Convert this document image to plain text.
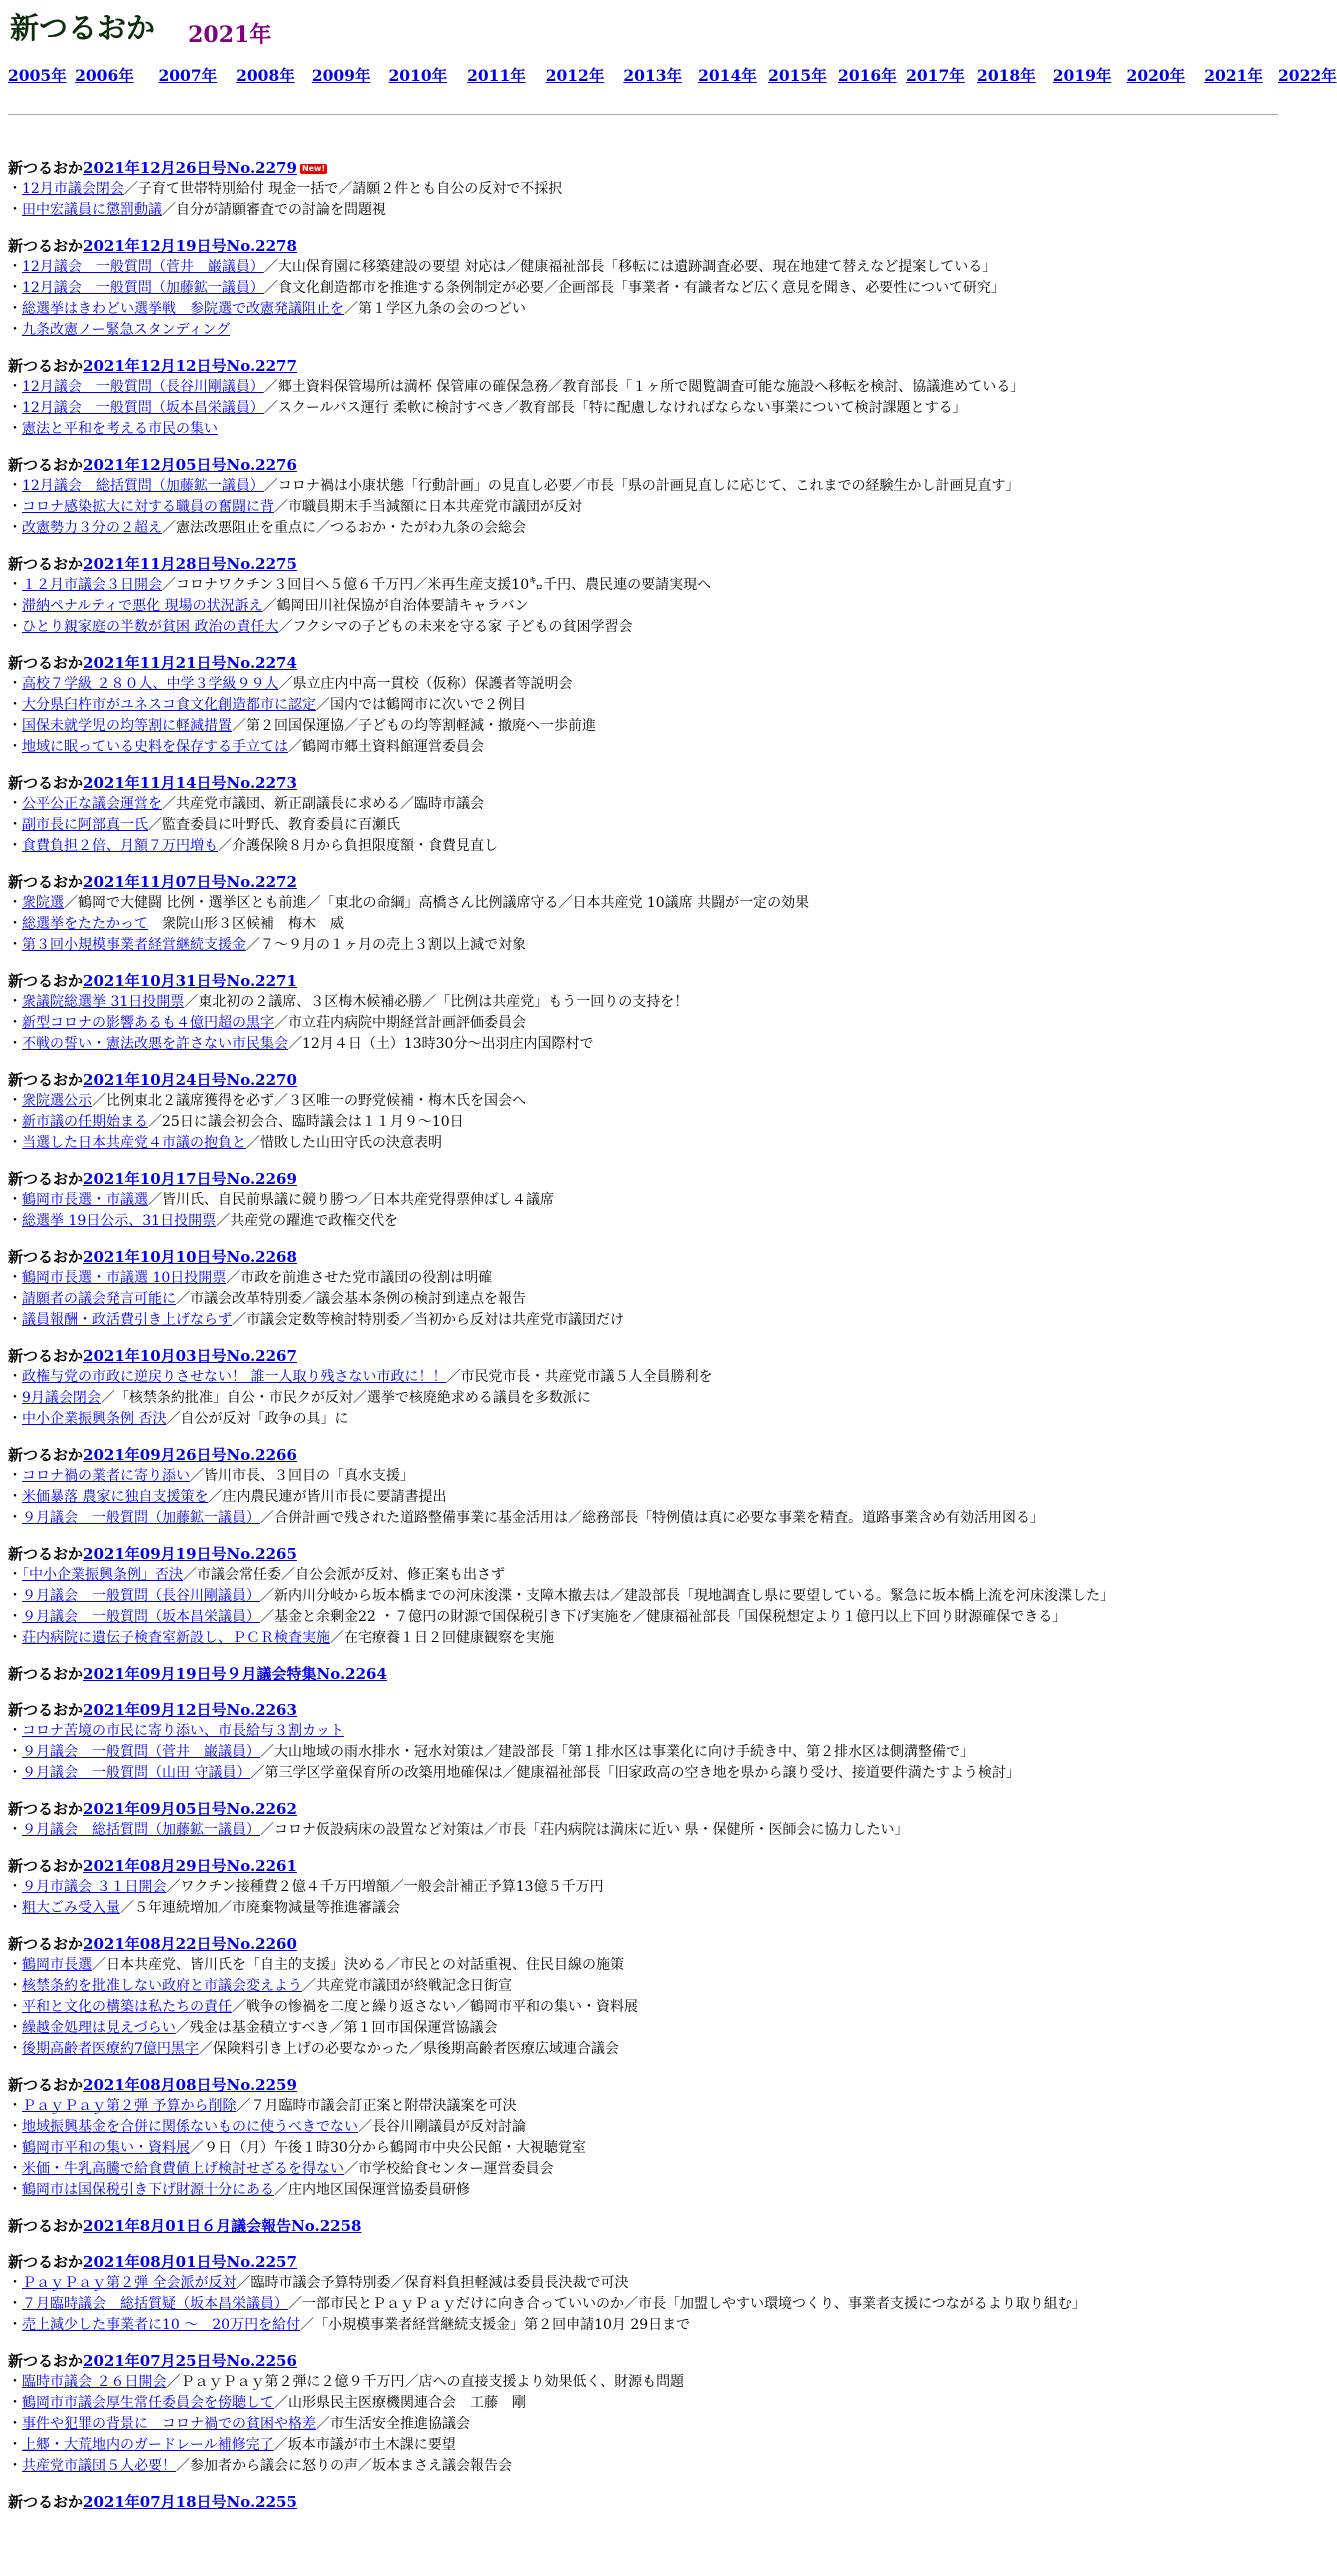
新つるおか 2021年
2005年 2006年 2007年 2008年 2009年 2010年 2011年 2012年 2013年 2014年 2015年 2016年 2017年 2018年 2019年 2020年 2021年 2022年
新つるおか2021年12月26日号No.2279 New!
・12月市議会閉会／子育て世帯特別給付 現金一括で／請願２件とも自公の反対で不採択
・田中宏議員に懲罰動議／自分が請願審査での討論を問題視
新つるおか2021年12月19日号No.2278
・12月議会　一般質問（菅井　巌議員）／大山保育園に移築建設の要望 対応は／健康福祉部長「移転には遺跡調査必要、現在地建て替えなど提案している」
・12月議会　一般質問（加藤鉱一議員）／食文化創造都市を推進する条例制定が必要／企画部長「事業者・有識者など広く意見を聞き、必要性について研究」
・総選挙はきわどい選挙戦　参院選で改憲発議阻止を／第１学区九条の会のつどい
・九条改憲ノー緊急スタンディング
新つるおか2021年12月12日号No.2277
・12月議会　一般質問（長谷川剛議員）／郷土資料保管場所は満杯 保管庫の確保急務／教育部長「１ヶ所で閲覧調査可能な施設へ移転を検討、協議進めている」
・12月議会　一般質問（坂本昌栄議員）／スクールバス運行 柔軟に検討すべき／教育部長「特に配慮しなければならない事業について検討課題とする」
・憲法と平和を考える市民の集い
新つるおか2021年12月05日号No.2276
・12月議会　総括質問（加藤鉱一議員）／コロナ禍は小康状態「行動計画」の見直し必要／市長「県の計画見直しに応じて、これまでの経験生かし計画見直す」
・コロナ感染拡大に対する職員の奮闘に背／市職員期末手当減額に日本共産党市議団が反対
・改憲勢力３分の２超え／憲法改悪阻止を重点に／つるおか・たがわ九条の会総会
新つるおか2021年11月28日号No.2275
・１２月市議会３日開会／コロナワクチン３回目へ５億６千万円／米再生産支援10㌔千円、農民連の要請実現へ
・滞納ペナルティで悪化 現場の状況訴え／鶴岡田川社保協が自治体要請キャラバン
・ひとり親家庭の半数が貧困 政治の責任大／フクシマの子どもの未来を守る家 子どもの貧困学習会
新つるおか2021年11月21日号No.2274
・高校７学級 ２８０人、中学３学級９９人／県立庄内中高一貫校（仮称）保護者等説明会
・大分県臼杵市がユネスコ食文化創造都市に認定／国内では鶴岡市に次いで２例目
・国保未就学児の均等割に軽減措置／第２回国保運協／子どもの均等割軽減・撤廃へ一歩前進
・地域に眠っている史料を保存する手立ては／鶴岡市郷土資料館運営委員会
新つるおか2021年11月14日号No.2273
・公平公正な議会運営を／共産党市議団、新正副議長に求める／臨時市議会
・副市長に阿部真一氏／監査委員に叶野氏、教育委員に百瀬氏
・食費負担２倍、月額７万円増も／介護保険８月から負担限度額・食費見直し
新つるおか2021年11月07日号No.2272
・衆院選／鶴岡で大健闘 比例・選挙区とも前進／「東北の命綱」高橋さん比例議席守る／日本共産党 10議席 共闘が一定の効果
・総選挙をたたかって　衆院山形３区候補　梅木　威
・第３回小規模事業者経営継続支援金／７～９月の１ヶ月の売上３割以上減で対象
新つるおか2021年10月31日号No.2271
・衆議院総選挙 31日投開票／東北初の２議席、３区梅木候補必勝／「比例は共産党」もう一回りの支持を！
・新型コロナの影響あるも４億円超の黒字／市立荘内病院中期経営計画評価委員会
・不戦の誓い・憲法改悪を許さない市民集会／12月４日（土）13時30分～出羽庄内国際村で
新つるおか2021年10月24日号No.2270
・衆院選公示／比例東北２議席獲得を必ず／３区唯一の野党候補・梅木氏を国会へ
・新市議の任期始まる／25日に議会初会合、臨時議会は１１月９～10日
・当選した日本共産党４市議の抱負と／惜敗した山田守氏の決意表明
新つるおか2021年10月17日号No.2269
・鶴岡市長選・市議選／皆川氏、自民前県議に競り勝つ／日本共産党得票伸ばし４議席
・総選挙 19日公示、31日投開票／共産党の躍進で政権交代を
新つるおか2021年10月10日号No.2268
・鶴岡市長選・市議選 10日投開票／市政を前進させた党市議団の役割は明確
・請願者の議会発言可能に／市議会改革特別委／議会基本条例の検討到達点を報告
・議員報酬・政活費引き上げならず／市議会定数等検討特別委／当初から反対は共産党市議団だけ
新つるおか2021年10月03日号No.2267
・政権与党の市政に逆戻りさせない！ 誰一人取り残さない市政に！！／市民党市長・共産党市議５人全員勝利を
・9月議会閉会／「核禁条約批准」自公・市民クが反対／選挙で核廃絶求める議員を多数派に
・中小企業振興条例 否決／自公が反対「政争の具」に
新つるおか2021年09月26日号No.2266
・コロナ禍の業者に寄り添い／皆川市長、３回目の「真水支援」
・米価暴落 農家に独自支援策を／庄内農民連が皆川市長に要請書提出
・９月議会　一般質問（加藤鉱一議員）／合併計画で残された道路整備事業に基金活用は／総務部長「特例債は真に必要な事業を精査。道路事業含め有効活用図る」
新つるおか2021年09月19日号No.2265
・「中小企業振興条例」否決／市議会常任委／自公会派が反対、修正案も出さず
・９月議会　一般質問（長谷川剛議員）／新内川分岐から坂本橋までの河床浚渫・支障木撤去は／建設部長「現地調査し県に要望している。緊急に坂本橋上流を河床浚渫した」
・９月議会　一般質問（坂本昌栄議員）／基金と余剰金22 ・７億円の財源で国保税引き下げ実施を／健康福祉部長「国保税想定より１億円以上下回り財源確保できる」
・荘内病院に遺伝子検査室新設し、ＰＣＲ検査実施／在宅療養１日２回健康観察を実施
新つるおか2021年09月19日号９月議会特集No.2264
新つるおか2021年09月12日号No.2263
・コロナ苦境の市民に寄り添い、市長給与３割カット
・９月議会　一般質問（菅井　巌議員）／大山地域の雨水排水・冠水対策は／建設部長「第１排水区は事業化に向け手続き中、第２排水区は側溝整備で」
・９月議会　一般質問（山田 守議員）／第三学区学童保育所の改築用地確保は／健康福祉部長「旧家政高の空き地を県から譲り受け、接道要件満たすよう検討」
新つるおか2021年09月05日号No.2262
・９月議会　総括質問（加藤鉱一議員）／コロナ仮設病床の設置など対策は／市長「荘内病院は満床に近い 県・保健所・医師会に協力したい」
新つるおか2021年08月29日号No.2261
・９月市議会 ３１日開会／ワクチン接種費２億４千万円増額／一般会計補正予算13億５千万円
・粗大ごみ受入量／５年連続増加／市廃棄物減量等推進審議会
新つるおか2021年08月22日号No.2260
・鶴岡市長選／日本共産党、皆川氏を「自主的支援」決める／市民との対話重視、住民目線の施策
・核禁条約を批准しない政府と市議会変えよう／共産党市議団が終戦記念日街宣
・平和と文化の構築は私たちの責任／戦争の惨禍を二度と繰り返さない／鶴岡市平和の集い・資料展
・繰越金処理は見えづらい／残金は基金積立すべき／第１回市国保運営協議会
・後期高齢者医療約7億円黒字／保険料引き上げの必要なかった／県後期高齢者医療広域連合議会
新つるおか2021年08月08日号No.2259
・ＰａｙＰａｙ第２弾 予算から削除／７月臨時市議会訂正案と附帯決議案を可決
・地域振興基金を合併に関係ないものに使うべきでない／長谷川剛議員が反対討論
・鶴岡市平和の集い・資料展／９日（月）午後１時30分から鶴岡市中央公民館・大視聴覚室
・米価・牛乳高騰で給食費値上げ検討せざるを得ない／市学校給食センター運営委員会
・鶴岡市は国保税引き下げ財源十分にある／庄内地区国保運営協委員研修
新つるおか2021年8月01日６月議会報告No.2258
新つるおか2021年08月01日号No.2257
・ＰａｙＰａｙ第２弾 全会派が反対／臨時市議会予算特別委／保育料負担軽減は委員長決裁で可決
・７月臨時議会　総括質疑（坂本昌栄議員）／一部市民とＰａｙＰａｙだけに向き合っていいのか／市長「加盟しやすい環境つくり、事業者支援につながるより取り組む」
・売上減少した事業者に10 ～　20万円を給付／「小規模事業者経営継続支援金」第２回申請10月 29日まで
新つるおか2021年07月25日号No.2256
・臨時市議会 ２６日開会／ＰａｙＰａｙ第２弾に２億９千万円／店への直接支援より効果低く、財源も問題
・鶴岡市市議会厚生常任委員会を傍聴して／山形県民主医療機関連合会　工藤　剛
・事件や犯罪の背景に　コロナ禍での貧困や格差／市生活安全推進協議会
・上郷・大荒地内のガードレール補修完了／坂本市議が市土木課に要望
・共産党市議団５人必要！／参加者から議会に怒りの声／坂本まさえ議会報告会
新つるおか2021年07月18日号No.2255
